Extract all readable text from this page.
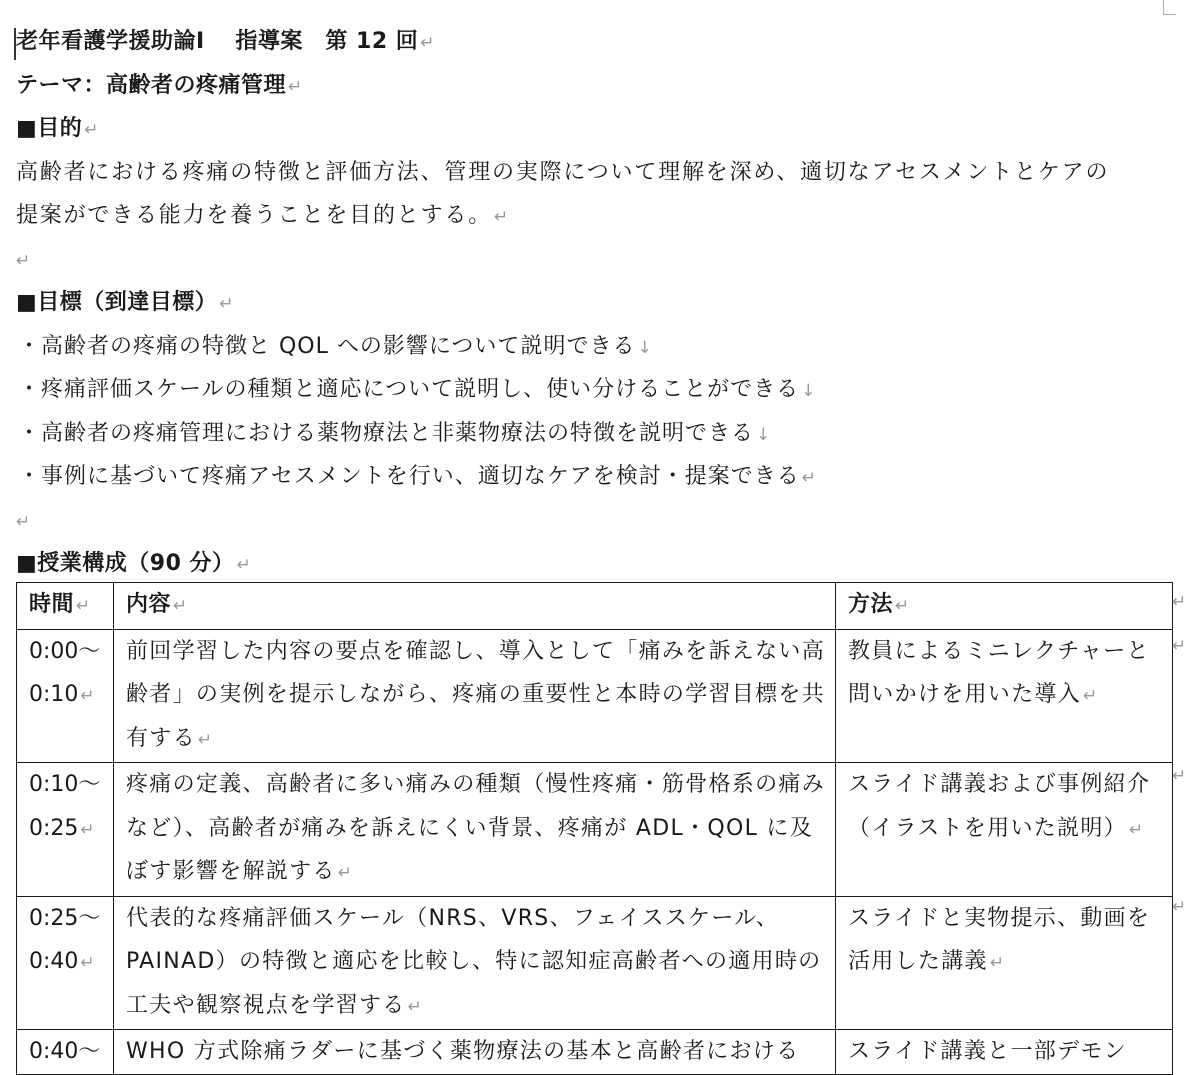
老年看護学援助論Ⅰ　 指導案　第 12 回 ↵
テーマ：高齢者の疼痛管理 ↵
■目的 ↵
高齢者における疼痛の特徴と評価方法、管理の実際について理解を深め、適切なアセスメントとケアの
提案ができる能力を養うことを目的とする。 ↵
↵
■目標（到達目標） ↵
・高齢者の疼痛の特徴と QOL への影響について説明できる ↓
・疼痛評価スケールの種類と適応について説明し、使い分けることができる ↓
・高齢者の疼痛管理における薬物療法と非薬物療法の特徴を説明できる ↓
・事例に基づいて疼痛アセスメントを行い、適切なケアを検討・提案できる ↵
↵
■授業構成（90 分） ↵
時間 ↵	内容 ↵	方法 ↵
0:00～0:10 ↵	前回学習した内容の要点を確認し、導入として「痛みを訴えない高齢者」の実例を提示しながら、疼痛の重要性と本時の学習目標を共有する ↵	教員によるミニレクチャーと問いかけを用いた導入 ↵
0:10～0:25 ↵	疼痛の定義、高齢者に多い痛みの種類（慢性疼痛・筋骨格系の痛みなど）、高齢者が痛みを訴えにくい背景、疼痛が ADL・QOL に及ぼす影響を解説する ↵	スライド講義および事例紹介（イラストを用いた説明） ↵
0:25～0:40 ↵	代表的な疼痛評価スケール（NRS、VRS、フェイススケール、PAINAD）の特徴と適応を比較し、特に認知症高齢者への適用時の工夫や観察視点を学習する ↵	スライドと実物提示、動画を活用した講義 ↵
0:40～	WHO 方式除痛ラダーに基づく薬物療法の基本と高齢者における	スライド講義と一部デモン
↵
↵
↵
↵
